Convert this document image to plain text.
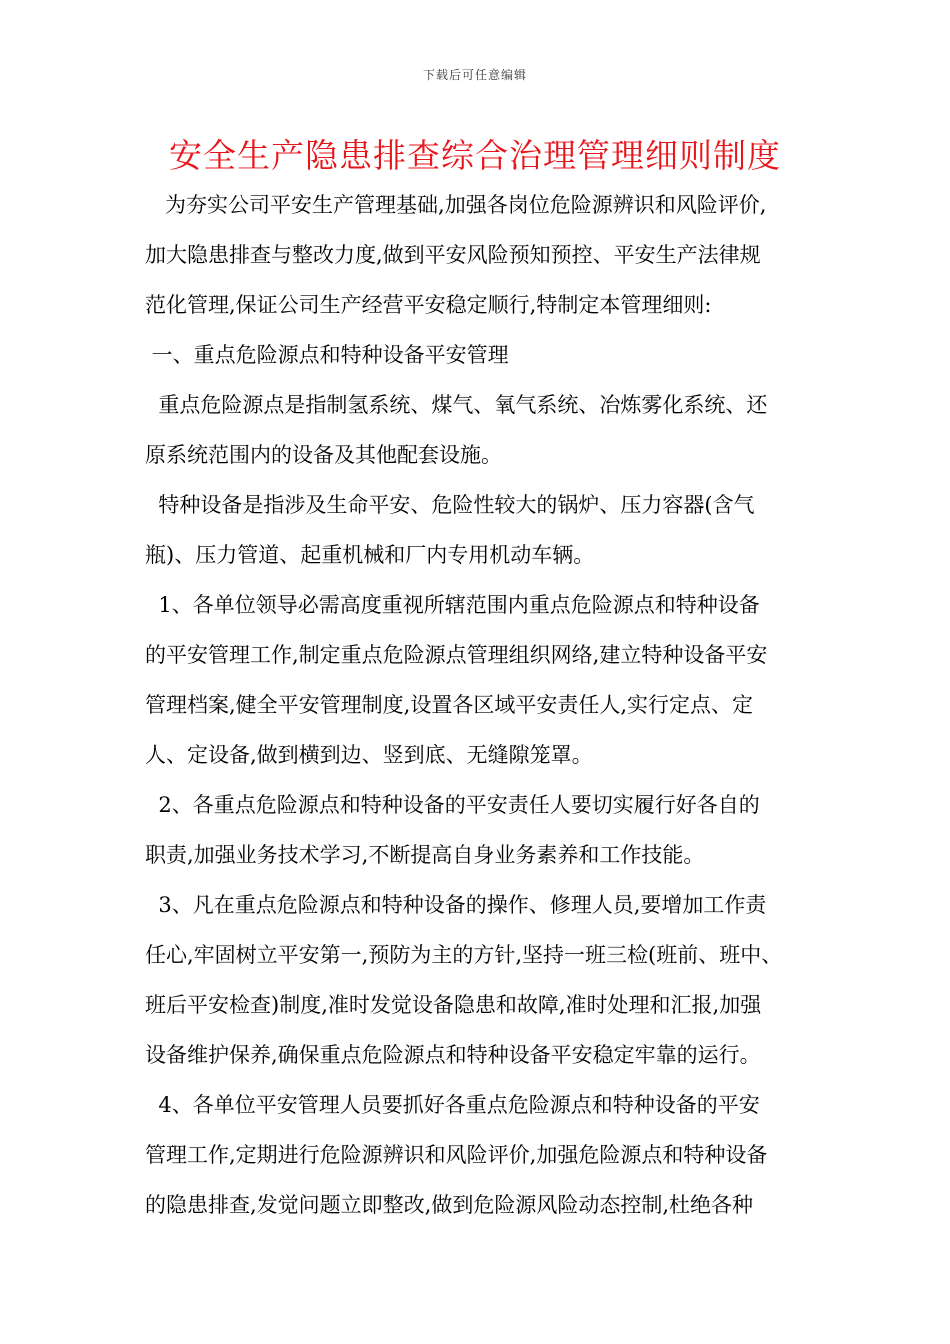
下载后可任意编辑
安全生产隐患排查综合治理管理细则制度
为夯实公司平安生产管理基础,加强各岗位危险源辨识和风险评价,
加大隐患排查与整改力度,做到平安风险预知预控、平安生产法律规
范化管理,保证公司生产经营平安稳定顺行,特制定本管理细则:
一、重点危险源点和特种设备平安管理
重点危险源点是指制氢系统、煤气、氧气系统、冶炼雾化系统、还
原系统范围内的设备及其他配套设施。
特种设备是指涉及生命平安、危险性较大的锅炉、压力容器(含气
瓶)、压力管道、起重机械和厂内专用机动车辆。
1、各单位领导必需高度重视所辖范围内重点危险源点和特种设备
的平安管理工作,制定重点危险源点管理组织网络,建立特种设备平安
管理档案,健全平安管理制度,设置各区域平安责任人,实行定点、定
人、定设备,做到横到边、竖到底、无缝隙笼罩。
2、各重点危险源点和特种设备的平安责任人要切实履行好各自的
职责,加强业务技术学习,不断提高自身业务素养和工作技能。
3、凡在重点危险源点和特种设备的操作、修理人员,要增加工作责
任心,牢固树立平安第一,预防为主的方针,坚持一班三检(班前、班中、
班后平安检查)制度,准时发觉设备隐患和故障,准时处理和汇报,加强
设备维护保养,确保重点危险源点和特种设备平安稳定牢靠的运行。
4、各单位平安管理人员要抓好各重点危险源点和特种设备的平安
管理工作,定期进行危险源辨识和风险评价,加强危险源点和特种设备
的隐患排查,发觉问题立即整改,做到危险源风险动态控制,杜绝各种
